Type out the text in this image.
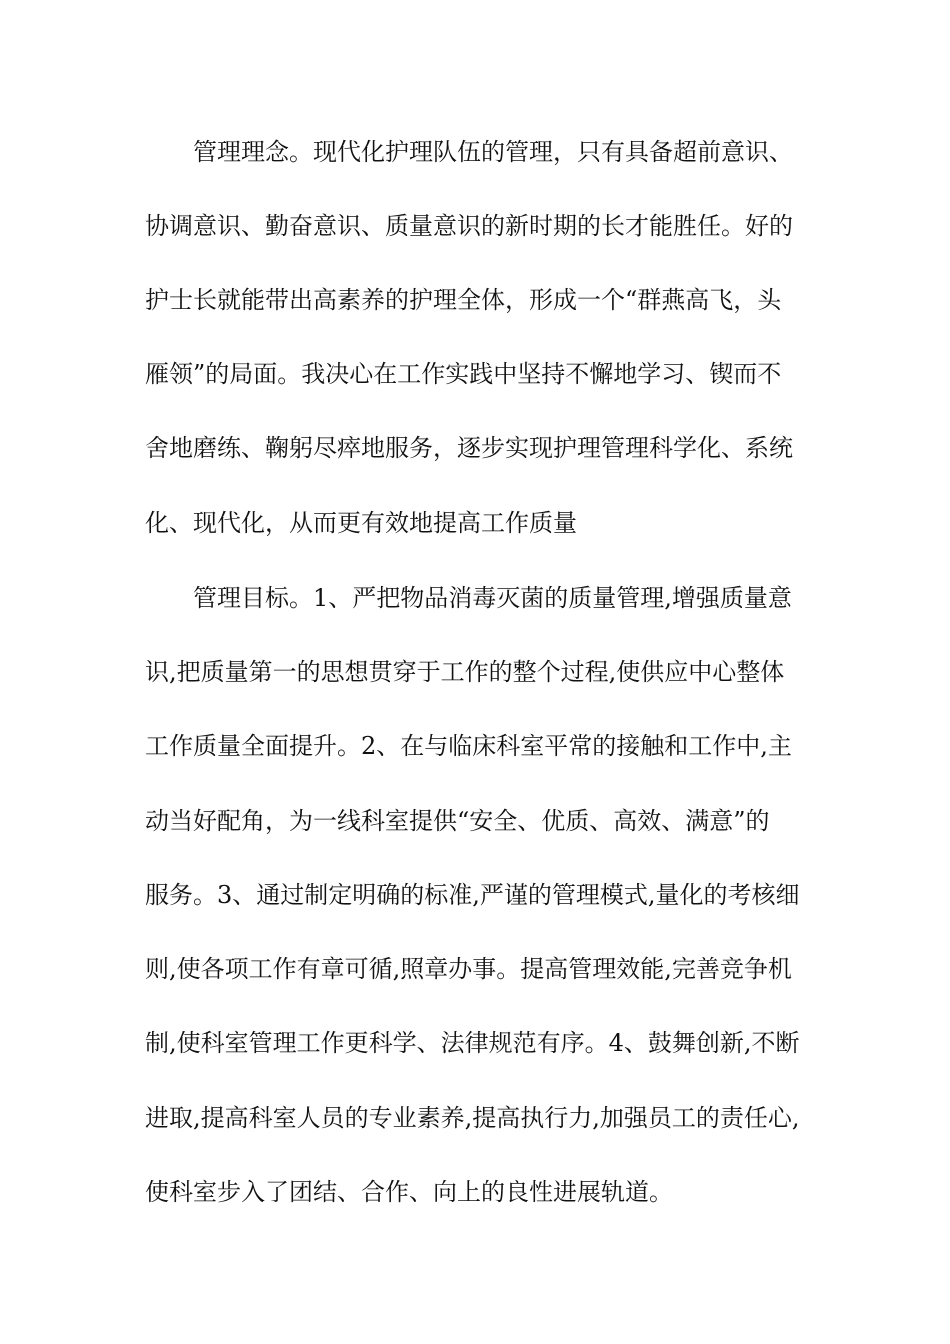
管理理念。现代化护理队伍的管理，只有具备超前意识、

协调意识、勤奋意识、质量意识的新时期的长才能胜任。好的

护士长就能带出高素养的护理全体，形成一个“群燕高飞，头

雁领”的局面。我决心在工作实践中坚持不懈地学习、锲而不

舍地磨练、鞠躬尽瘁地服务，逐步实现护理管理科学化、系统

化、现代化，从而更有效地提高工作质量

管理目标。1、严把物品消毒灭菌的质量管理,增强质量意

识,把质量第一的思想贯穿于工作的整个过程,使供应中心整体

工作质量全面提升。2、在与临床科室平常的接触和工作中,主

动当好配角，为一线科室提供“安全、优质、高效、满意”的

服务。3、通过制定明确的标准,严谨的管理模式,量化的考核细

则,使各项工作有章可循,照章办事。提高管理效能,完善竞争机

制,使科室管理工作更科学、法律规范有序。4、鼓舞创新,不断

进取,提高科室人员的专业素养,提高执行力,加强员工的责任心,

使科室步入了团结、合作、向上的良性进展轨道。
